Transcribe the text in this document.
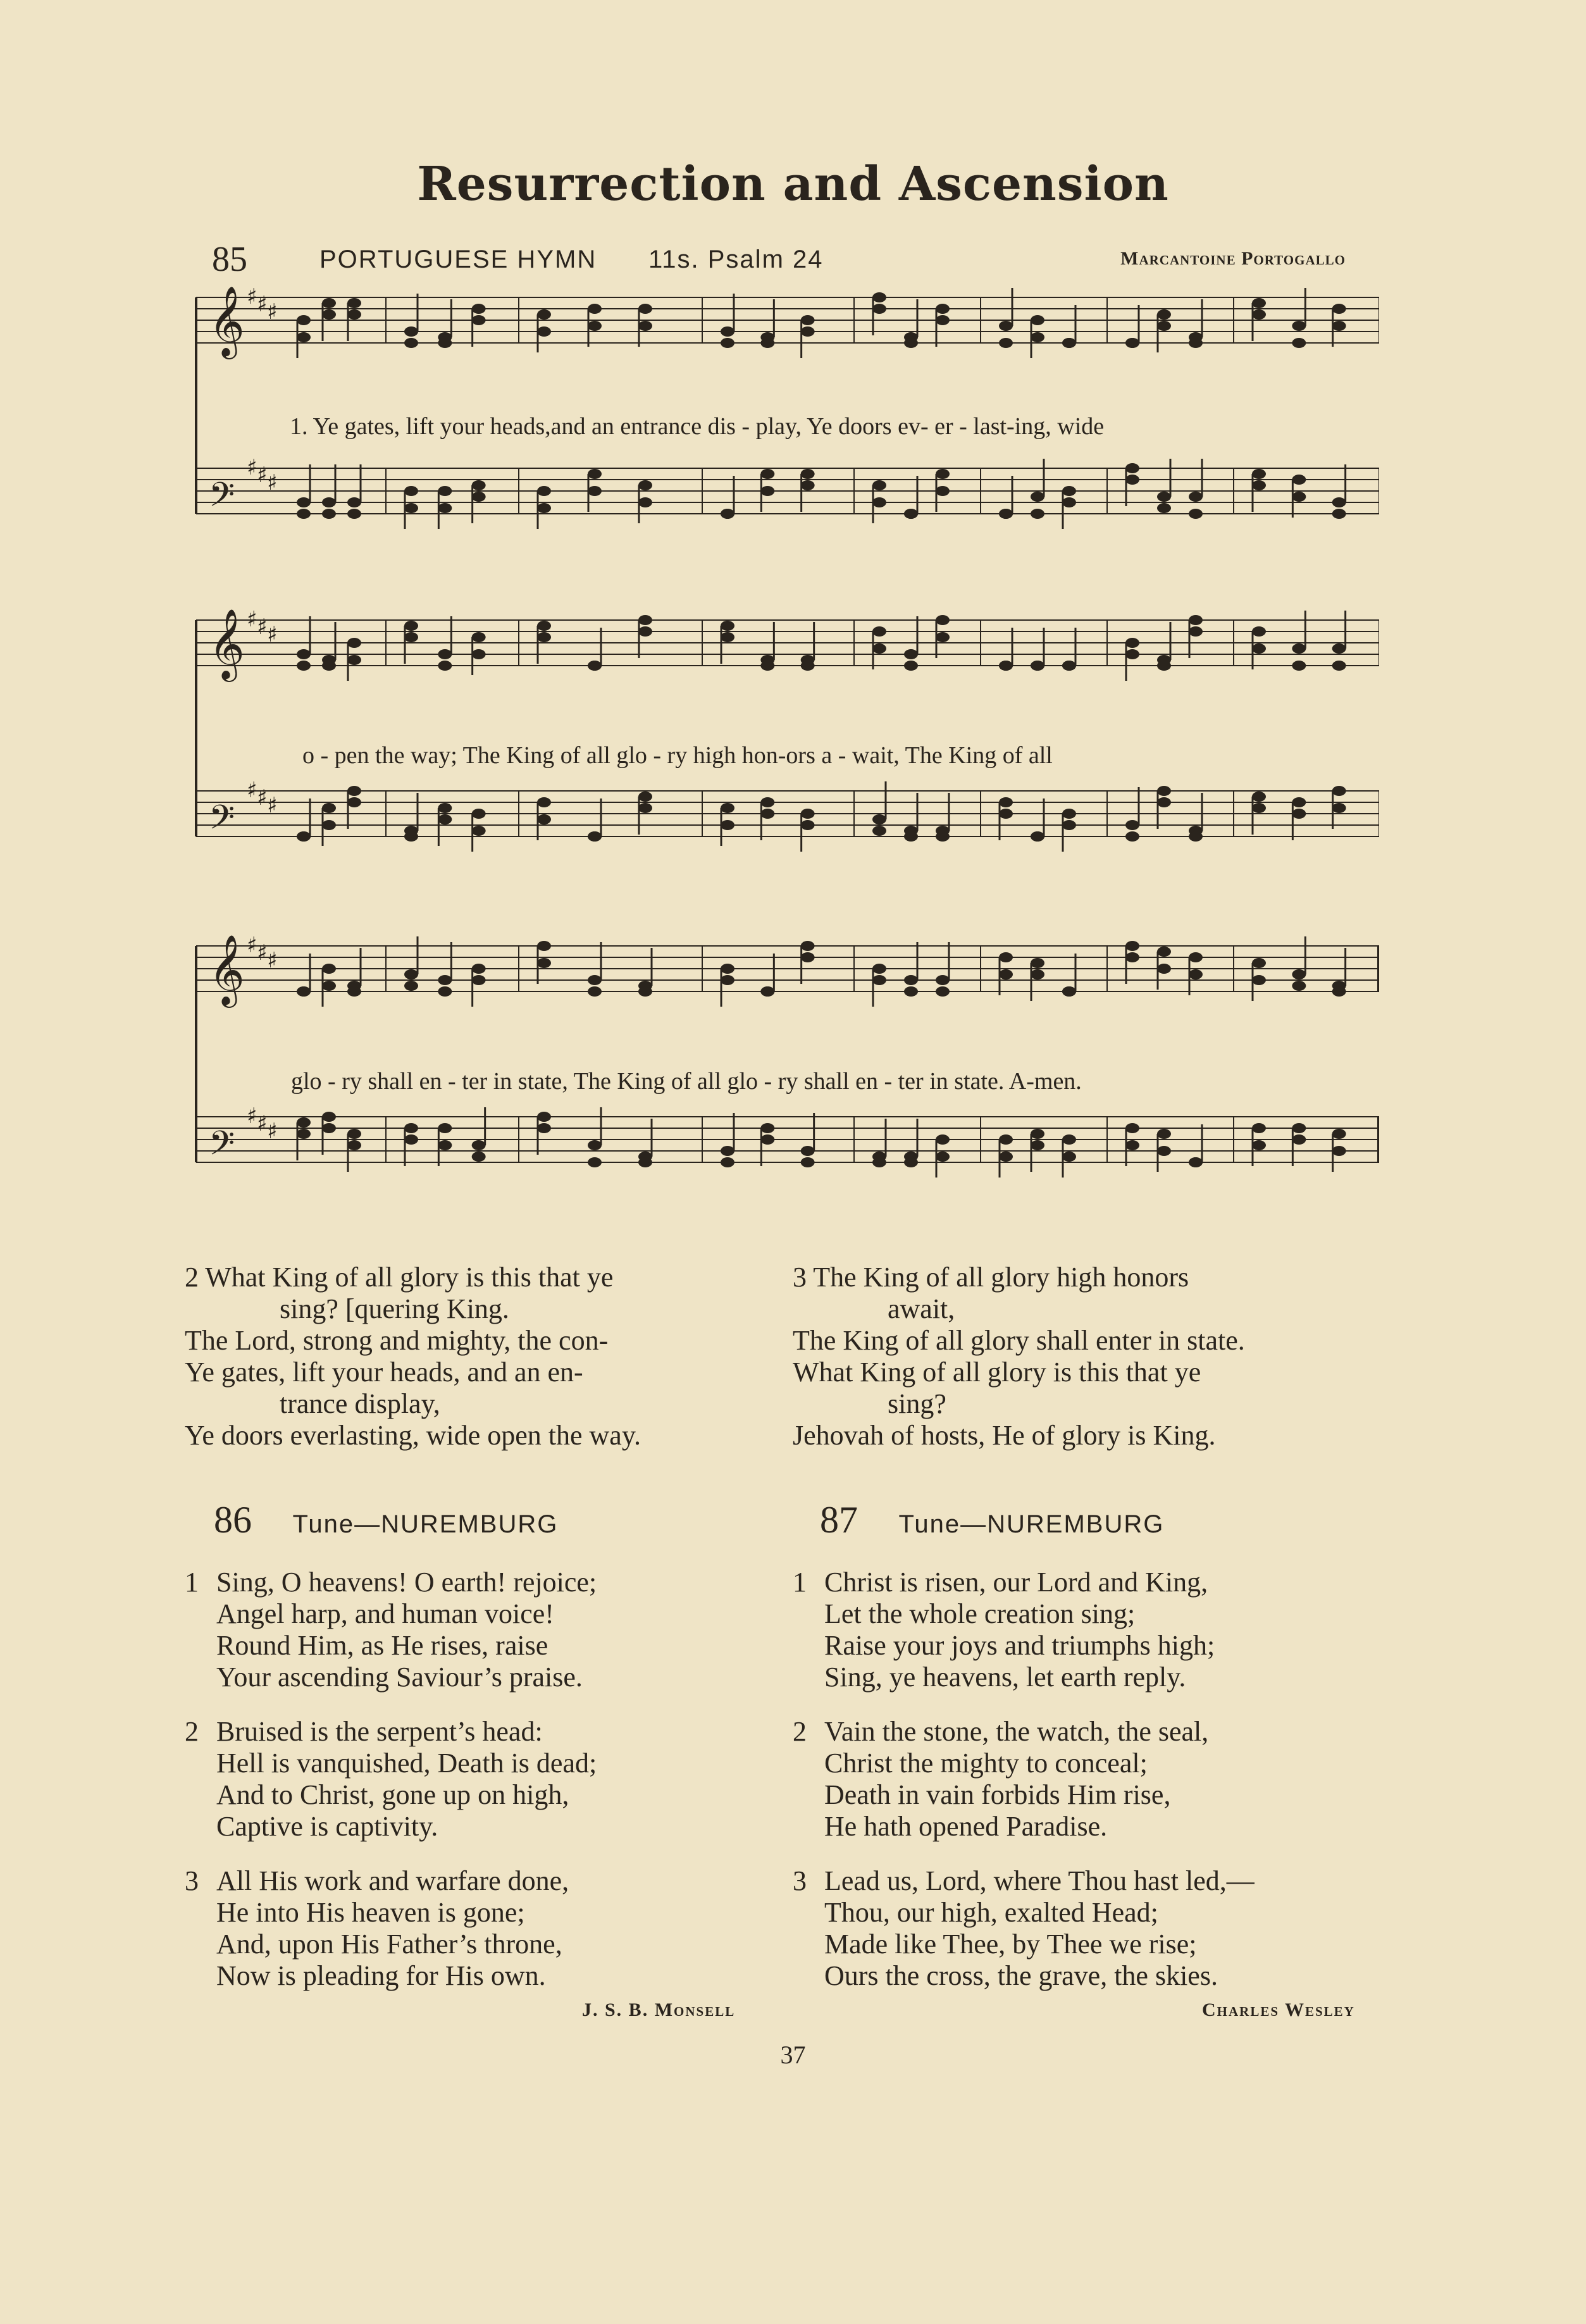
Resurrection and Ascension
85	PORTUGUESE HYMN 11s. Psalm 24	Marcantoine Portogallo
𝄞 ♯ ♯ ♯
𝄢
♯ ♯ ♯
1. Ye gates, lift your heads,and an entrance dis - play, Ye doors ev- er - last-ing, wide
𝄞 ♯ ♯ ♯
𝄢
♯ ♯ ♯
o - pen the way; The King of all glo - ry high hon-ors a - wait, The King of all
𝄞 ♯ ♯ ♯
𝄢
♯ ♯ ♯
glo - ry shall en - ter in state, The King of all glo - ry shall en - ter in state. A-men.
2 What King of all glory is this that ye
sing? [quering King.
The Lord, strong and mighty, the con-
Ye gates, lift your heads, and an en-
trance display,
Ye doors everlasting, wide open the way.
3 The King of all glory high honors
await,
The King of all glory shall enter in state.
What King of all glory is this that ye
sing?
Jehovah of hosts, He of glory is King.
86 Tune—NUREMBURG
1 Sing, O heavens! O earth! rejoice;
Angel harp, and human voice!
Round Him, as He rises, raise
Your ascending Saviour’s praise.
2 Bruised is the serpent’s head:
Hell is vanquished, Death is dead;
And to Christ, gone up on high,
Captive is captivity.
3 All His work and warfare done,
He into His heaven is gone;
And, upon His Father’s throne,
Now is pleading for His own.
J. S. B. Monsell
87 Tune—NUREMBURG
1 Christ is risen, our Lord and King,
Let the whole creation sing;
Raise your joys and triumphs high;
Sing, ye heavens, let earth reply.
2 Vain the stone, the watch, the seal,
Christ the mighty to conceal;
Death in vain forbids Him rise,
He hath opened Paradise.
3 Lead us, Lord, where Thou hast led,—
Thou, our high, exalted Head;
Made like Thee, by Thee we rise;
Ours the cross, the grave, the skies.
Charles Wesley
37
